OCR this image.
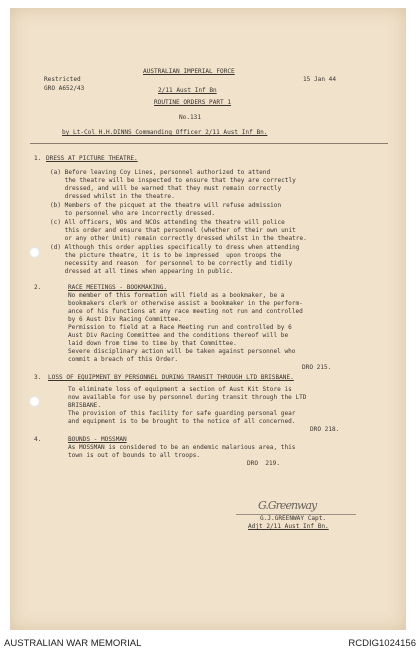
Restricted
GRO A652/43
AUSTRALIAN IMPERIAL FORCE
15 Jan 44
2/11 Aust Inf Bn
ROUTINE ORDERS PART 1
No.131
by Lt-Col H.H.DINNS Commanding Officer 2/11 Aust Inf Bn.
1. DRESS AT PICTURE THEATRE.
(a) Before leaving Coy Lines, personnel authorized to attend
the theatre will be inspected to ensure that they are correctly
dressed, and will be warned that they must remain correctly
dressed whilst in the theatre.
(b) Members of the picquet at the theatre will refuse admission
to personnel who are incorrectly dressed.
(c) All officers, WOs and NCOs attending the theatre will police
this order and ensure that personnel (whether of their own unit
or any other Unit) remain correctly dressed whilst in the theatre.
(d) Although this order applies specifically to dress when attending
the picture theatre, it is to be impressed  upon troops the
necessity and reason  for personnel to be correctly and tidily
dressed at all times when appearing in public.
2.	RACE MEETINGS - BOOKMAKING.
No member of this formation will field as a bookmaker, be a
bookmakers clerk or otherwise assist a bookmaker in the perform-
ance of his functions at any race meeting not run and controlled
by 6 Aust Div Racing Committee.
Permission to field at a Race Meeting run and controlled by 6
Aust Div Racing Committee and the conditions thereof will be
laid down from time to time by that Committee.
Severe disciplinary action will be taken against personnel who
commit a breach of this Order.
DRO 215.
3. LOSS OF EQUIPMENT BY PERSONNEL DURING TRANSIT THROUGH LTD BRISBANE.
To eliminate loss of equipment a section of Aust Kit Store is
now available for use by personnel during transit through the LTD
BRISBANE.
The provision of this facility for safe guarding personal gear
and equipment is to be brought to the notice of all concerned.
DRO 218.
4.	BOUNDS - MOSSMAN
As MOSSMAN is considered to be an endemic malarious area, this
town is out of bounds to all troops.
DRO  219.
G.Greenway
G.J.GREENWAY Capt.
Adjt 2/11 Aust Inf Bn.
AUSTRALIAN WAR MEMORIAL	RCDIG1024156
